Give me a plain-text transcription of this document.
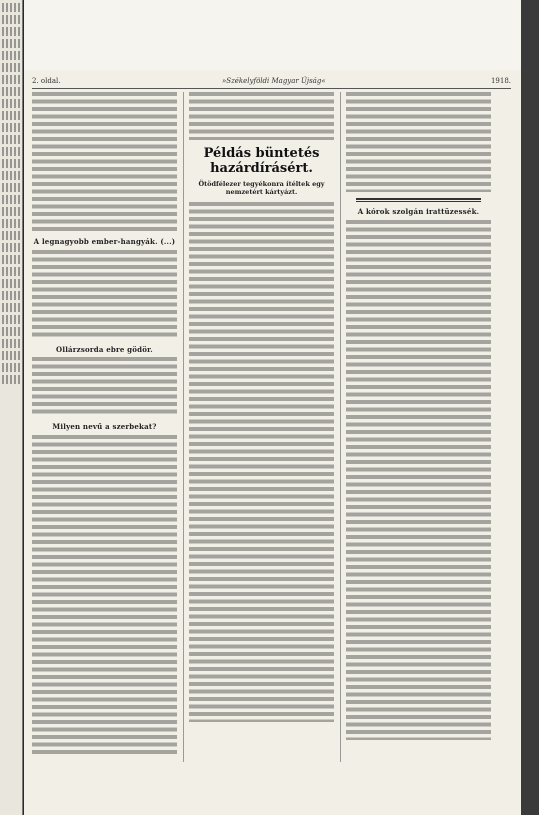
2. oldal.	»Székelyföldi Magyar Újság«	1918.
A legnagyobb ember-hangyák. (...)
Ollárzsorda ebre gödör.
Milyen nevű a szerbekat?
Példás büntetés hazárdírásért.
Ötödfélezer tegyékonra ítéltek egy nemzetért kártyázt.
A kórok szolgán irattüzessék.
